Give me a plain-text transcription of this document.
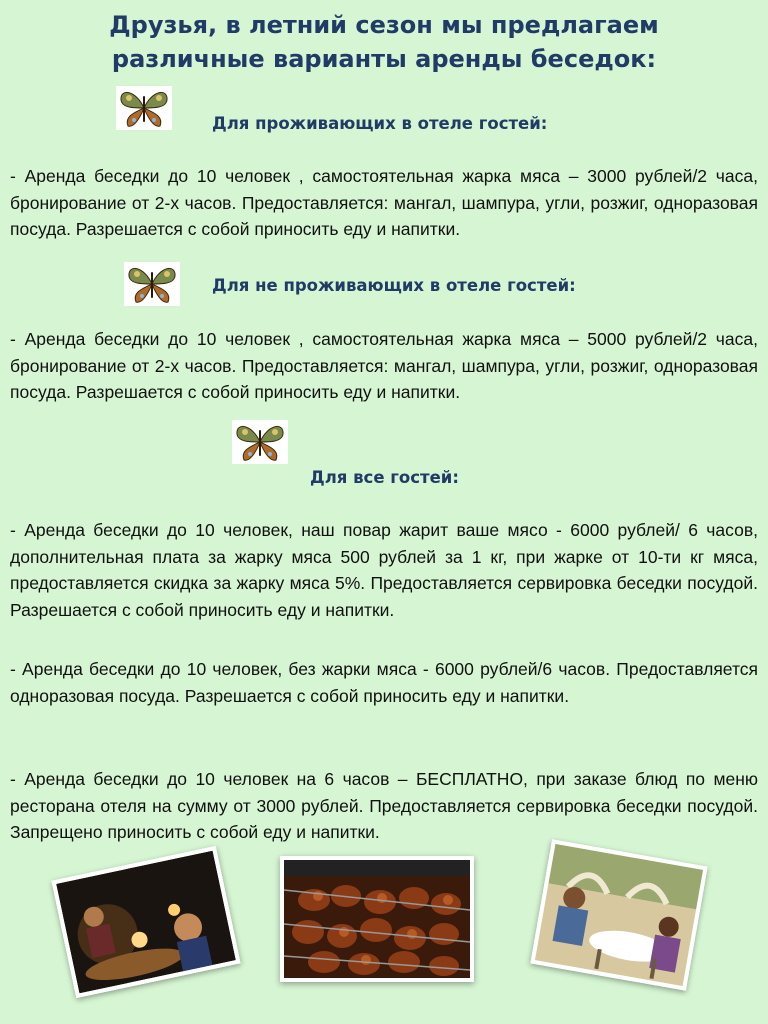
Друзья, в летний сезон мы предлагаем
различные варианты аренды беседок:
Для проживающих в отеле гостей:
- Аренда беседки до 10 человек , самостоятельная жарка мяса – 3000 рублей/2 часа, бронирование от 2-х часов. Предоставляется: мангал, шампура, угли, розжиг, одноразовая посуда. Разрешается с собой приносить еду и напитки.
Для не проживающих в отеле гостей:
- Аренда беседки до 10 человек , самостоятельная жарка мяса – 5000 рублей/2 часа, бронирование от 2-х часов. Предоставляется: мангал, шампура, угли, розжиг, одноразовая посуда. Разрешается с собой приносить еду и напитки.
Для все гостей:
- Аренда беседки до 10 человек, наш повар жарит ваше мясо - 6000 рублей/ 6 часов, дополнительная плата за жарку мяса 500 рублей за 1 кг, при жарке от 10-ти кг мяса, предоставляется скидка за жарку мяса 5%. Предоставляется сервировка беседки посудой. Разрешается с собой приносить еду и напитки.
- Аренда беседки до 10 человек, без жарки мяса - 6000 рублей/6 часов. Предоставляется одноразовая посуда. Разрешается с собой приносить еду и напитки.
- Аренда беседки до 10 человек на 6 часов – БЕСПЛАТНО, при заказе блюд по меню ресторана отеля на сумму от 3000 рублей. Предоставляется сервировка беседки посудой. Запрещено приносить с собой еду и напитки.
